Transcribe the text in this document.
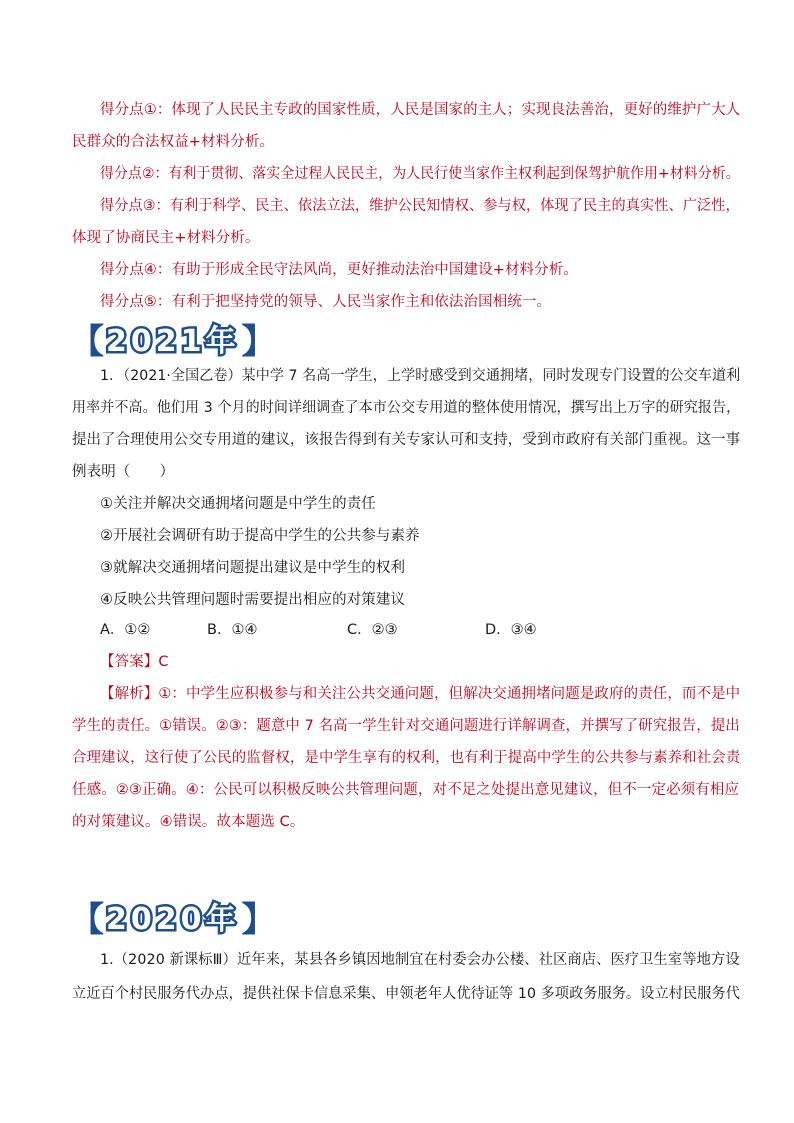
得分点①：体现了人民民主专政的国家性质，人民是国家的主人；实现良法善治，更好的维护广大人
民群众的合法权益+材料分析。
得分点②：有利于贯彻、落实全过程人民民主，为人民行使当家作主权利起到保驾护航作用+材料分析。
得分点③：有利于科学、民主、依法立法，维护公民知情权、参与权，体现了民主的真实性、广泛性，
体现了协商民主+材料分析。
得分点④：有助于形成全民守法风尚，更好推动法治中国建设+材料分析。
得分点⑤：有利于把坚持党的领导、人民当家作主和依法治国相统一。
【 2021年 】
1．（2021·全国乙卷）某中学 7 名高一学生，上学时感受到交通拥堵，同时发现专门设置的公交车道利
用率并不高。他们用 3 个月的时间详细调查了本市公交专用道的整体使用情况，撰写出上万字的研究报告，
提出了合理使用公交专用道的建议，该报告得到有关专家认可和支持，受到市政府有关部门重视。这一事
例表明（　　）
①关注并解决交通拥堵问题是中学生的责任
②开展社会调研有助于提高中学生的公共参与素养
③就解决交通拥堵问题提出建议是中学生的权利
④反映公共管理问题时需要提出相应的对策建议
A．①②	B．①④	C．②③	D．③④
【答案】C
【解析】①：中学生应积极参与和关注公共交通问题，但解决交通拥堵问题是政府的责任，而不是中
学生的责任。①错误。②③：题意中 7 名高一学生针对交通问题进行详解调查，并撰写了研究报告，提出
合理建议，这行使了公民的监督权，是中学生享有的权利，也有利于提高中学生的公共参与素养和社会责
任感。②③正确。④：公民可以积极反映公共管理问题，对不足之处提出意见建议，但不一定必须有相应
的对策建议。④错误。故本题选 C。
【 2020年 】
1.（2020 新课标Ⅲ）近年来，某县各乡镇因地制宜在村委会办公楼、社区商店、医疗卫生室等地方设
立近百个村民服务代办点，提供社保卡信息采集、申领老年人优待证等 10 多项政务服务。设立村民服务代
